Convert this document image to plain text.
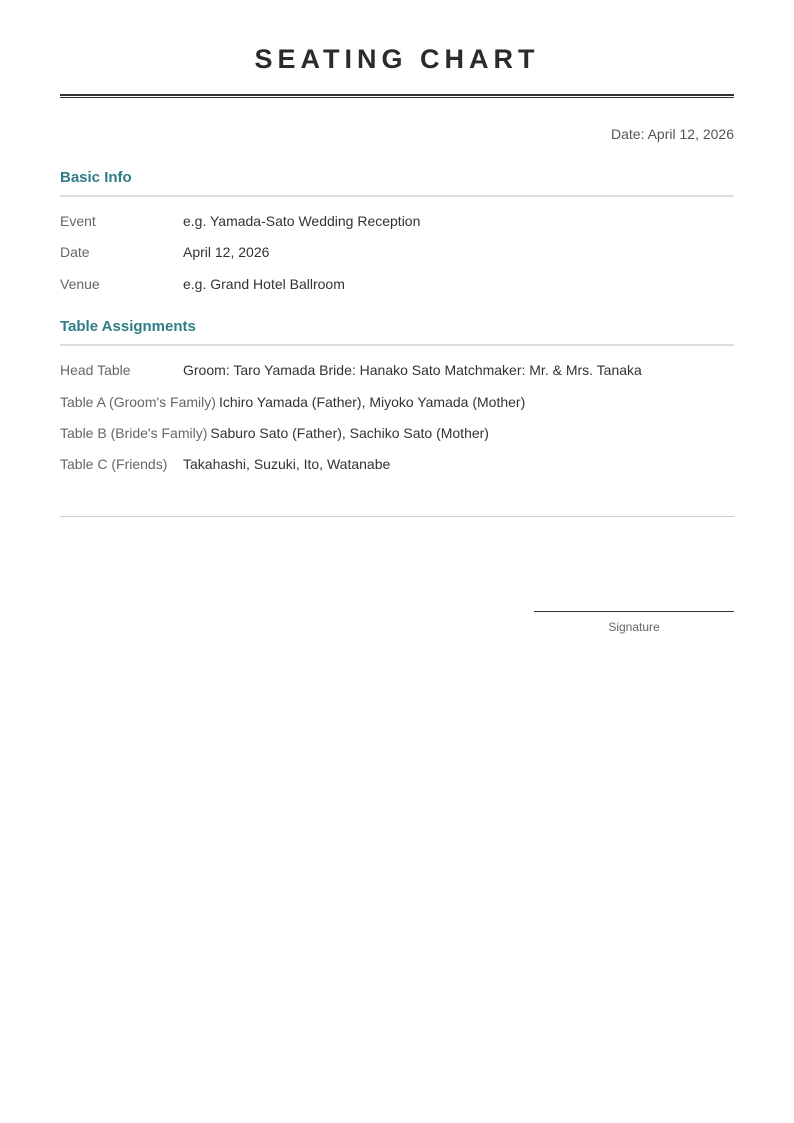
SEATING CHART
Date: April 12, 2026
Basic Info
Event	e.g. Yamada-Sato Wedding Reception
Date	April 12, 2026
Venue	e.g. Grand Hotel Ballroom
Table Assignments
Head Table	Groom: Taro Yamada Bride: Hanako Sato Matchmaker: Mr. & Mrs. Tanaka
Table A (Groom's Family) Ichiro Yamada (Father), Miyoko Yamada (Mother)
Table B (Bride's Family) Saburo Sato (Father), Sachiko Sato (Mother)
Table C (Friends) Takahashi, Suzuki, Ito, Watanabe
Signature
